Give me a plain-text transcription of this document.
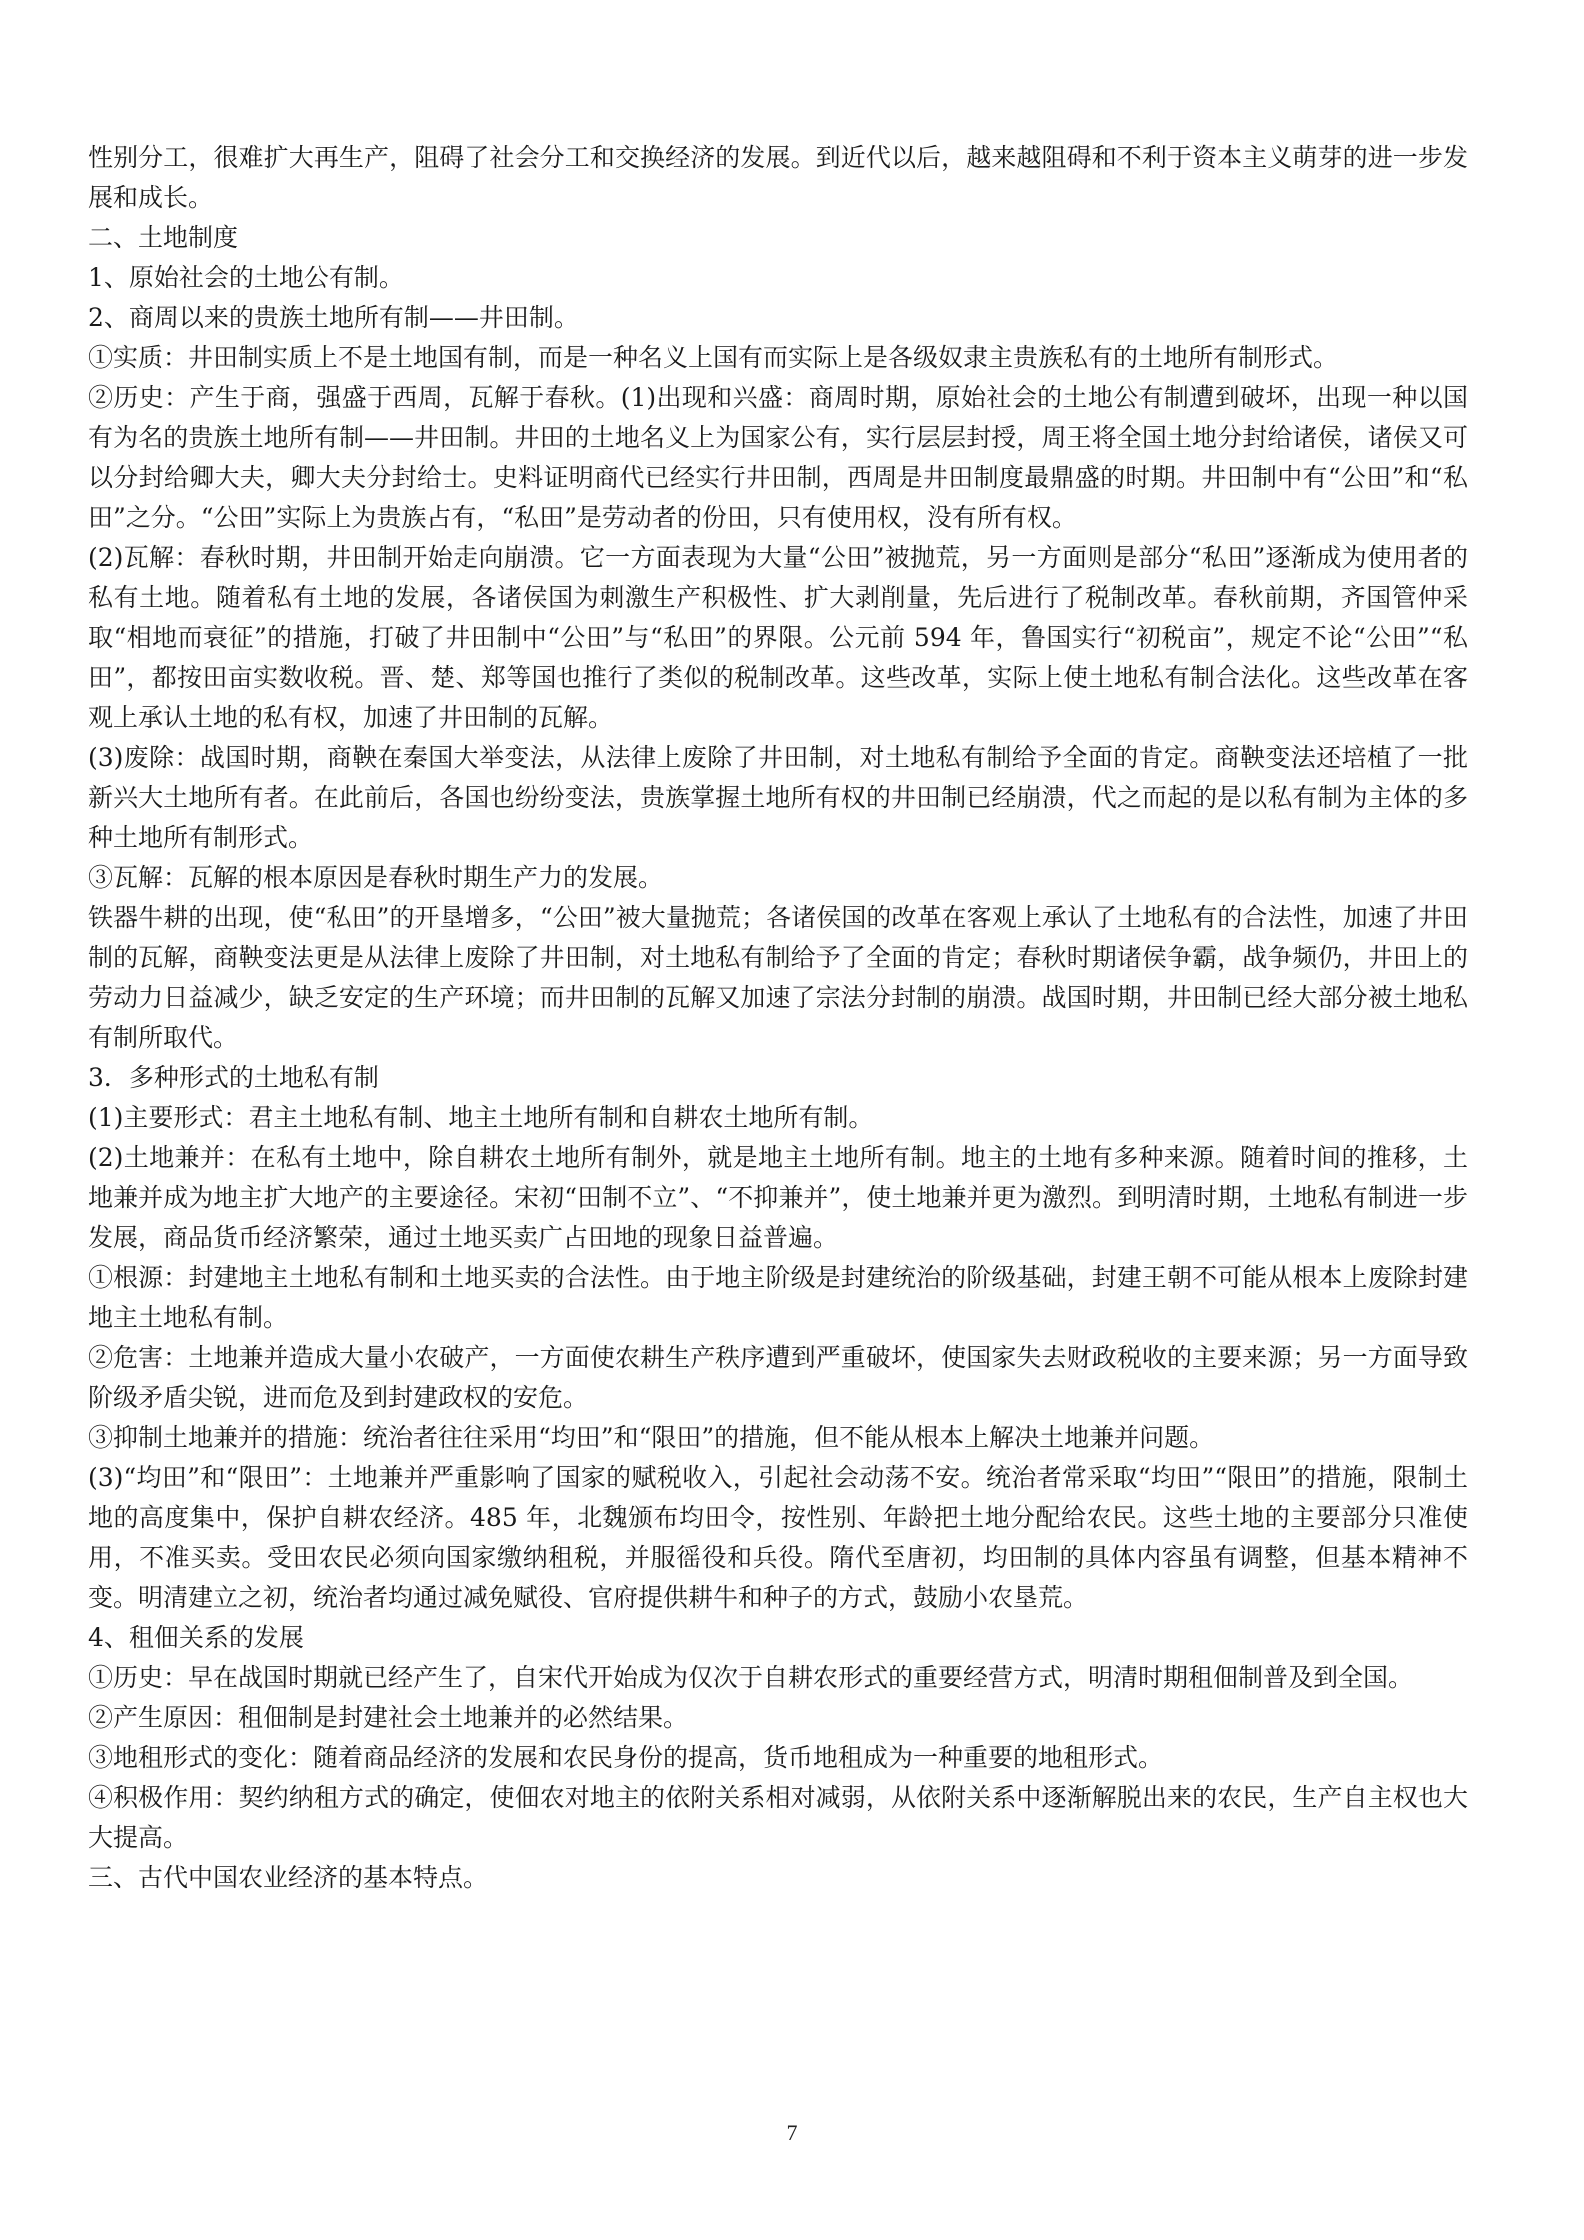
性别分工，很难扩大再生产，阻碍了社会分工和交换经济的发展。到近代以后，越来越阻碍和不利于资本主义萌芽的进一步发展和成长。

二、土地制度

1、原始社会的土地公有制。

2、商周以来的贵族土地所有制——井田制。

①实质：井田制实质上不是土地国有制，而是一种名义上国有而实际上是各级奴隶主贵族私有的土地所有制形式。

②历史：产生于商，强盛于西周，瓦解于春秋。(1)出现和兴盛：商周时期，原始社会的土地公有制遭到破坏，出现一种以国有为名的贵族土地所有制——井田制。井田的土地名义上为国家公有，实行层层封授，周王将全国土地分封给诸侯，诸侯又可以分封给卿大夫，卿大夫分封给士。史料证明商代已经实行井田制，西周是井田制度最鼎盛的时期。井田制中有“公田”和“私田”之分。“公田”实际上为贵族占有，“私田”是劳动者的份田，只有使用权，没有所有权。

(2)瓦解：春秋时期，井田制开始走向崩溃。它一方面表现为大量“公田”被抛荒，另一方面则是部分“私田”逐渐成为使用者的私有土地。随着私有土地的发展，各诸侯国为刺激生产积极性、扩大剥削量，先后进行了税制改革。春秋前期，齐国管仲采取“相地而衰征”的措施，打破了井田制中“公田”与“私田”的界限。公元前 594 年，鲁国实行“初税亩”，规定不论“公田”“私田”，都按田亩实数收税。晋、楚、郑等国也推行了类似的税制改革。这些改革，实际上使土地私有制合法化。这些改革在客观上承认土地的私有权，加速了井田制的瓦解。

(3)废除：战国时期，商鞅在秦国大举变法，从法律上废除了井田制，对土地私有制给予全面的肯定。商鞅变法还培植了一批新兴大土地所有者。在此前后，各国也纷纷变法，贵族掌握土地所有权的井田制已经崩溃，代之而起的是以私有制为主体的多种土地所有制形式。

③瓦解：瓦解的根本原因是春秋时期生产力的发展。

铁器牛耕的出现，使“私田”的开垦增多，“公田”被大量抛荒；各诸侯国的改革在客观上承认了土地私有的合法性，加速了井田制的瓦解，商鞅变法更是从法律上废除了井田制，对土地私有制给予了全面的肯定；春秋时期诸侯争霸，战争频仍，井田上的劳动力日益减少，缺乏安定的生产环境；而井田制的瓦解又加速了宗法分封制的崩溃。战国时期，井田制已经大部分被土地私有制所取代。

3．多种形式的土地私有制

(1)主要形式：君主土地私有制、地主土地所有制和自耕农土地所有制。

(2)土地兼并：在私有土地中，除自耕农土地所有制外，就是地主土地所有制。地主的土地有多种来源。随着时间的推移，土地兼并成为地主扩大地产的主要途径。宋初“田制不立”、“不抑兼并”，使土地兼并更为激烈。到明清时期，土地私有制进一步发展，商品货币经济繁荣，通过土地买卖广占田地的现象日益普遍。

①根源：封建地主土地私有制和土地买卖的合法性。由于地主阶级是封建统治的阶级基础，封建王朝不可能从根本上废除封建地主土地私有制。

②危害：土地兼并造成大量小农破产，一方面使农耕生产秩序遭到严重破坏，使国家失去财政税收的主要来源；另一方面导致阶级矛盾尖锐，进而危及到封建政权的安危。

③抑制土地兼并的措施：统治者往往采用“均田”和“限田”的措施，但不能从根本上解决土地兼并问题。

(3)“均田”和“限田”：土地兼并严重影响了国家的赋税收入，引起社会动荡不安。统治者常采取“均田”“限田”的措施，限制土地的高度集中，保护自耕农经济。485 年，北魏颁布均田令，按性别、年龄把土地分配给农民。这些土地的主要部分只准使用，不准买卖。受田农民必须向国家缴纳租税，并服徭役和兵役。隋代至唐初，均田制的具体内容虽有调整，但基本精神不变。明清建立之初，统治者均通过减免赋役、官府提供耕牛和种子的方式，鼓励小农垦荒。

4、租佃关系的发展

①历史：早在战国时期就已经产生了，自宋代开始成为仅次于自耕农形式的重要经营方式，明清时期租佃制普及到全国。

②产生原因：租佃制是封建社会土地兼并的必然结果。

③地租形式的变化：随着商品经济的发展和农民身份的提高，货币地租成为一种重要的地租形式。

④积极作用：契约纳租方式的确定，使佃农对地主的依附关系相对减弱，从依附关系中逐渐解脱出来的农民，生产自主权也大大提高。

三、古代中国农业经济的基本特点。

7
